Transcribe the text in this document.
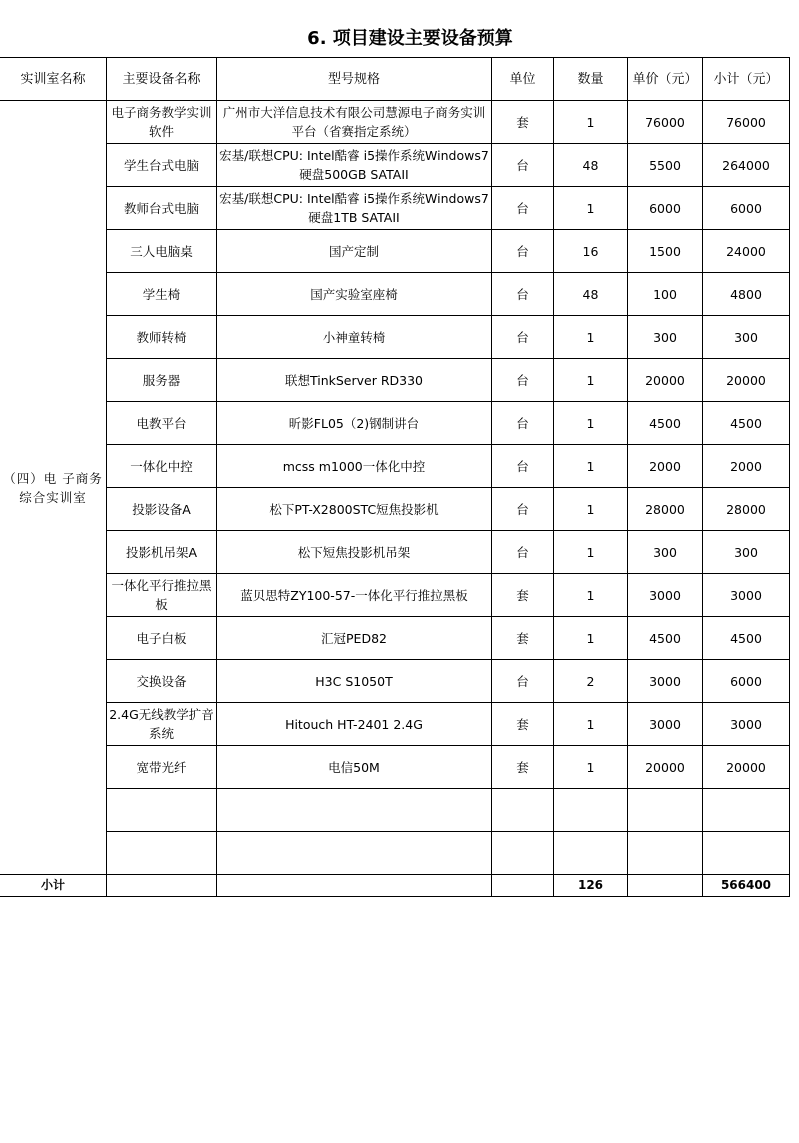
6. 项目建设主要设备预算
实训室名称	主要设备名称	型号规格	单位	数量	单价（元）	小计（元）
（四）电 子商务综合实训室	电子商务教学实训软件	广州市大洋信息技术有限公司慧源电子商务实训平台（省赛指定系统）	套	1	76000	76000
	学生台式电脑	宏基/联想CPU: Intel酷睿 i5操作系统Windows7硬盘500GB SATAII	台	48	5500	264000
	教师台式电脑	宏基/联想CPU: Intel酷睿 i5操作系统Windows7硬盘1TB SATAII	台	1	6000	6000
	三人电脑桌	国产定制	台	16	1500	24000
	学生椅	国产实验室座椅	台	48	100	4800
	教师转椅	小神童转椅	台	1	300	300
	服务器	联想TinkServer RD330	台	1	20000	20000
	电教平台	昕影FL05（2)钢制讲台	台	1	4500	4500
	一体化中控	mcss m1000一体化中控	台	1	2000	2000
	投影设备A	松下PT-X2800STC短焦投影机	台	1	28000	28000
	投影机吊架A	松下短焦投影机吊架	台	1	300	300
	一体化平行推拉黑板	蓝贝思特ZY100-57-一体化平行推拉黑板	套	1	3000	3000
	电子白板	汇冠PED82	套	1	4500	4500
	交换设备	H3C S1050T	台	2	3000	6000
	2.4G无线教学扩音系统	Hitouch HT-2401 2.4G	套	1	3000	3000
	宽带光纤	电信50M	套	1	20000	20000

小计				126		566400
